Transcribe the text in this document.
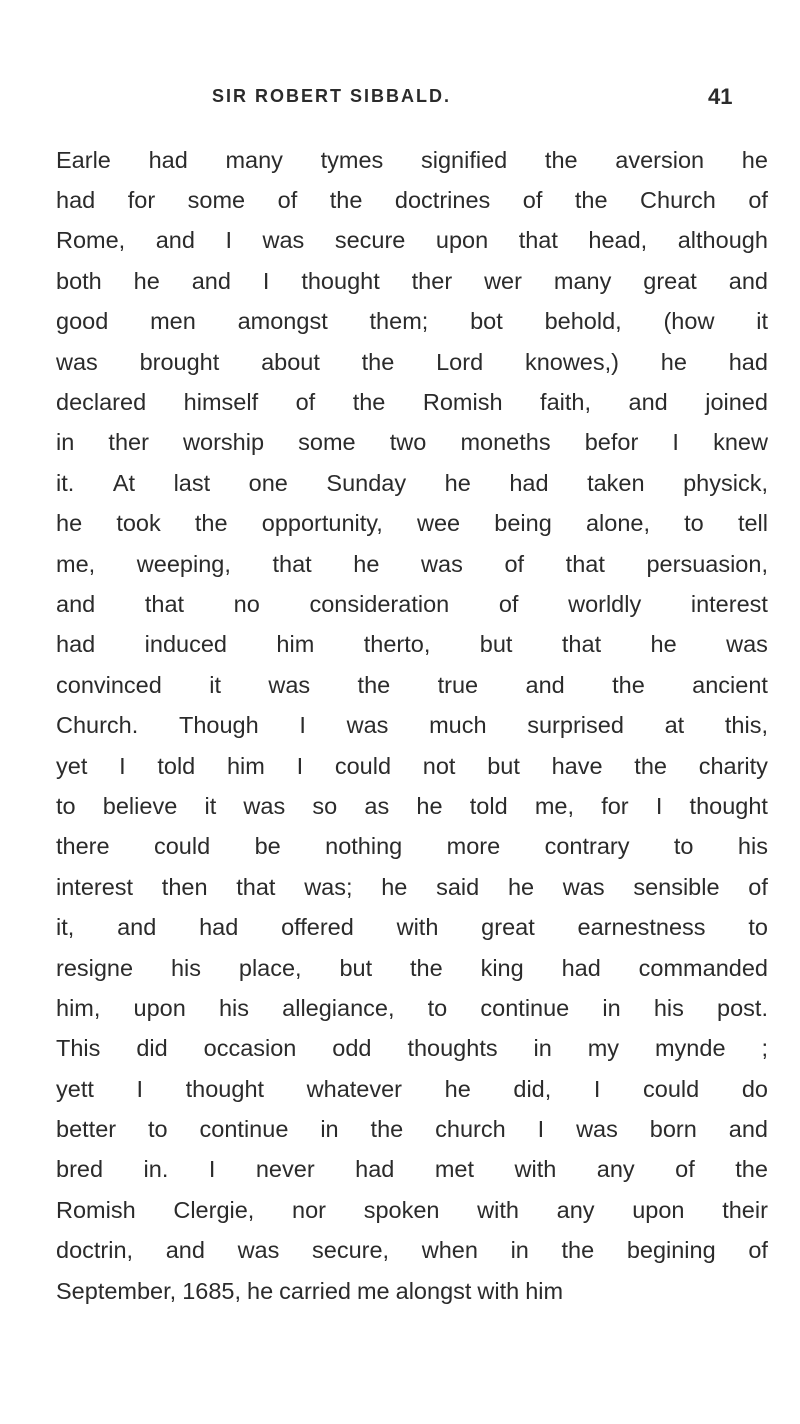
SIR ROBERT SIBBALD.	41
Earle had many tymes signified the aversion he
had for some of the doctrines of the Church of
Rome, and I was secure upon that head, although
both he and I thought ther wer many great and
good men amongst them; bot behold, (how it
was brought about the Lord knowes,) he had
declared himself of the Romish faith, and joined
in ther worship some two moneths befor I knew
it. At last one Sunday he had taken physick,
he took the opportunity, wee being alone, to tell
me, weeping, that he was of that persuasion,
and that no consideration of worldly interest
had induced him therto, but that he was
convinced it was the true and the ancient
Church. Though I was much surprised at this,
yet I told him I could not but have the charity
to believe it was so as he told me, for I thought
there could be nothing more contrary to his
interest then that was; he said he was sensible of
it, and had offered with great earnestness to
resigne his place, but the king had commanded
him, upon his allegiance, to continue in his post.
This did occasion odd thoughts in my mynde ;
yett I thought whatever he did, I could do
better to continue in the church I was born and
bred in. I never had met with any of the
Romish Clergie, nor spoken with any upon their
doctrin, and was secure, when in the begining of
September, 1685, he carried me alongst with him
